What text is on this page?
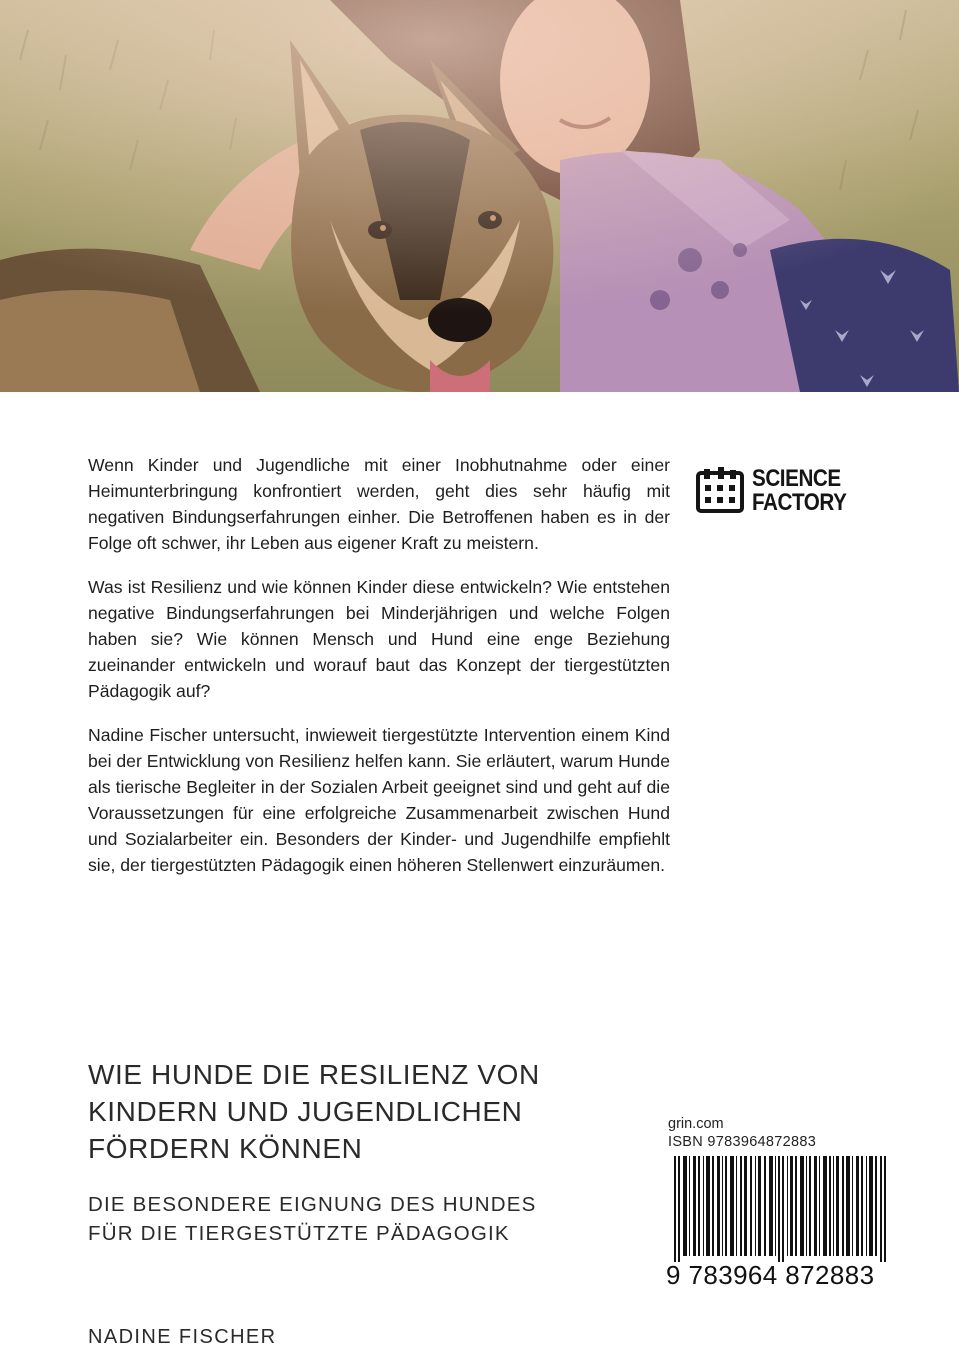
Wenn Kinder und Jugendliche mit einer Inobhutnahme oder einer Heimunterbringung konfrontiert werden, geht dies sehr häufig mit negativen Bindungserfahrungen einher. Die Betroffenen haben es in der Folge oft schwer, ihr Leben aus eigener Kraft zu meistern.

Was ist Resilienz und wie können Kinder diese entwickeln? Wie entstehen negative Bindungserfahrungen bei Minderjährigen und welche Folgen haben sie? Wie können Mensch und Hund eine enge Beziehung zueinander entwickeln und worauf baut das Konzept der tiergestützten Pädagogik auf?

Nadine Fischer untersucht, inwieweit tiergestützte Intervention einem Kind bei der Entwicklung von Resilienz helfen kann. Sie erläutert, warum Hunde als tierische Begleiter in der Sozialen Arbeit geeignet sind und geht auf die Voraussetzungen für eine erfolgreiche Zusammenarbeit zwischen Hund und Sozialarbeiter ein. Besonders der Kinder- und Jugendhilfe empfiehlt sie, der tiergestützten Pädagogik einen höheren Stellenwert einzuräumen.

SCIENCE
FACTORY
WIE HUNDE DIE RESILIENZ VON
KINDERN UND JUGENDLICHEN
FÖRDERN KÖNNEN
DIE BESONDERE EIGNUNG DES HUNDES
FÜR DIE TIERGESTÜTZTE PÄDAGOGIK
NADINE FISCHER
grin.com
ISBN 9783964872883
9 783964 872883
